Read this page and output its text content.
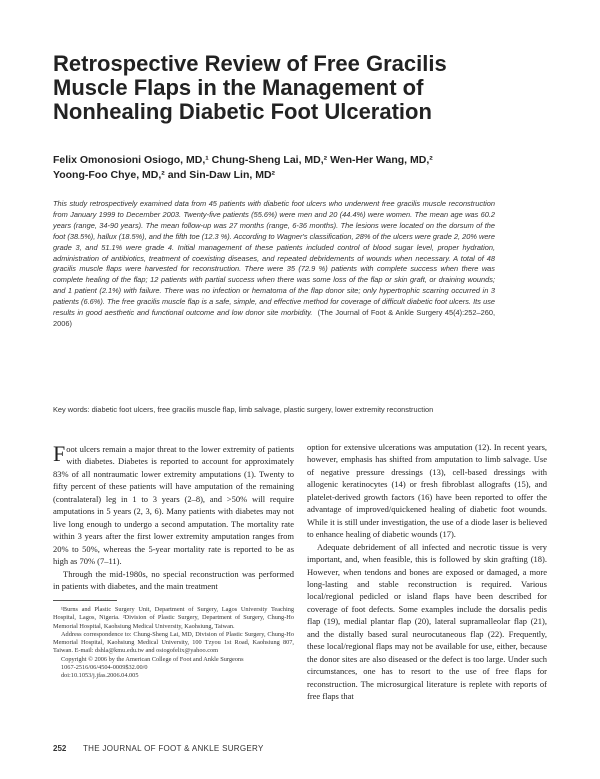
Retrospective Review of Free Gracilis
Muscle Flaps in the Management of
Nonhealing Diabetic Foot Ulceration
Felix Omonosioni Osiogo, MD,¹ Chung-Sheng Lai, MD,² Wen-Her Wang, MD,²
Yoong-Foo Chye, MD,² and Sin-Daw Lin, MD²

This study retrospectively examined data from 45 patients with diabetic foot ulcers who underwent free gracilis muscle reconstruction from January 1999 to December 2003. Twenty-five patients (55.6%) were men and 20 (44.4%) were women. The mean age was 60.2 years (range, 34-90 years). The mean follow-up was 27 months (range, 6-36 months). The lesions were located on the dorsum of the foot (38.5%), hallux (18.5%), and the fifth toe (12.3 %). According to Wagner's classification, 28% of the ulcers were grade 2, 20% were grade 3, and 51.1% were grade 4. Initial management of these patients included control of blood sugar level, proper hydration, administration of antibiotics, treatment of coexisting diseases, and repeated debridements of wounds when necessary. A total of 48 gracilis muscle flaps were harvested for reconstruction. There were 35 (72.9 %) patients with complete success when there was complete healing of the flap; 12 patients with partial success when there was some loss of the flap or skin graft, or draining wounds; and 1 patient (2.1%) with failure. There was no infection or hematoma of the flap donor site; only hypertrophic scarring occurred in 3 patients (6.6%). The free gracilis muscle flap is a safe, simple, and effective method for coverage of difficult diabetic foot ulcers. Its use results in good aesthetic and functional outcome and low donor site morbidity. (The Journal of Foot & Ankle Surgery 45(4):252–260, 2006)

Key words: diabetic foot ulcers, free gracilis muscle flap, limb salvage, plastic surgery, lower extremity reconstruction

Foot ulcers remain a major threat to the lower extremity of patients with diabetes. Diabetes is reported to account for approximately 83% of all nontraumatic lower extremity amputations (1). Twenty to fifty percent of these patients will have amputation of the remaining (contralateral) leg in 1 to 3 years (2–8), and >50% will require amputations in 5 years (2, 3, 6). Many patients with diabetes may not live long enough to undergo a second amputation. The mortality rate within 3 years after the first lower extremity amputation ranges from 20% to 50%, whereas the 5-year mortality rate is reported to be as high as 70% (7–11).

Through the mid-1980s, no special reconstruction was performed in patients with diabetes, and the main treatment

¹Burns and Plastic Surgery Unit, Department of Surgery, Lagos University Teaching Hospital, Lagos, Nigeria. ²Division of Plastic Surgery, Department of Surgery, Chung-Ho Memorial Hospital, Kaohsiung Medical University, Kaohsiung, Taiwan.

Address correspondence to: Chung-Sheng Lai, MD, Division of Plastic Surgery, Chung-Ho Memorial Hospital, Kaohsiung Medical University, 100 Tzyou 1st Road, Kaohsiung 807, Taiwan. E-mail: dshla@kmu.edu.tw and osiogofelix@yahoo.com

Copyright © 2006 by the American College of Foot and Ankle Surgeons

1067-2516/06/4504-0009$32.00/0

doi:10.1053/j.jfas.2006.04.005

option for extensive ulcerations was amputation (12). In recent years, however, emphasis has shifted from amputation to limb salvage. Use of negative pressure dressings (13), cell-based dressings with allogenic keratinocytes (14) or fresh fibroblast allografts (15), and platelet-derived growth factors (16) have been reported to offer the advantage of improved/quickened healing of diabetic foot wounds. While it is still under investigation, the use of a diode laser is believed to enhance healing of diabetic wounds (17).

Adequate debridement of all infected and necrotic tissue is very important, and, when feasible, this is followed by skin grafting (18). However, when tendons and bones are exposed or damaged, a more long-lasting and stable reconstruction is required. Various local/regional pedicled or island flaps have been described for coverage of foot defects. Some examples include the dorsalis pedis flap (19), medial plantar flap (20), lateral supramalleolar flap (21), and the distally based sural neurocutaneous flap (22). Frequently, these local/regional flaps may not be available for use, either, because the donor sites are also diseased or the defect is too large. Under such circumstances, one has to resort to the use of free flaps for reconstruction. The microsurgical literature is replete with reports of free flaps that

252 THE JOURNAL OF FOOT & ANKLE SURGERY
